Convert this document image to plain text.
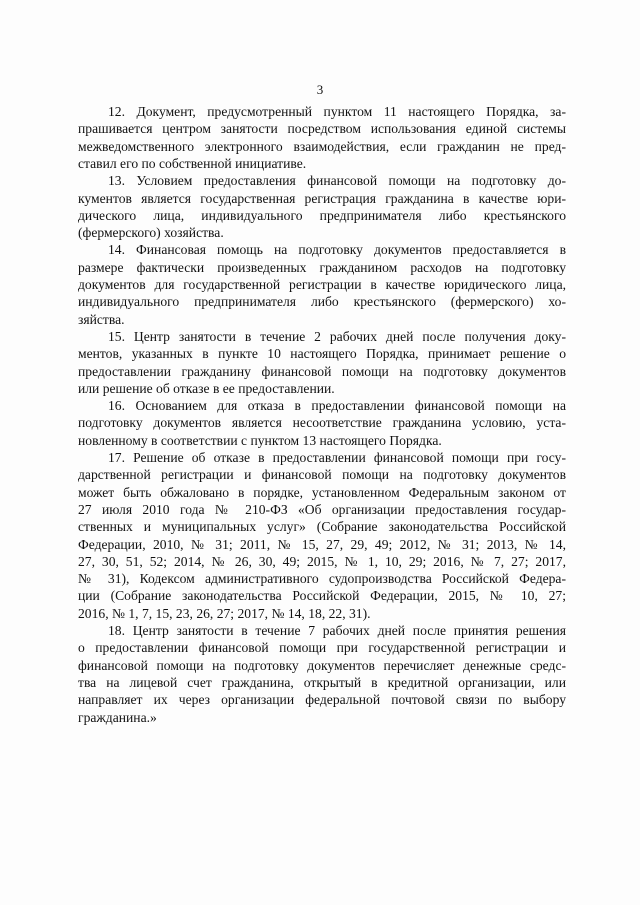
3
12. Документ, предусмотренный пунктом 11 настоящего Порядка, за-
прашивается центром занятости посредством использования единой системы
межведомственного электронного взаимодействия, если гражданин не пред-
ставил его по собственной инициативе.
13. Условием предоставления финансовой помощи на подготовку до-
кументов является государственная регистрация гражданина в качестве юри-
дического лица, индивидуального предпринимателя либо крестьянского
(фермерского) хозяйства.
14. Финансовая помощь на подготовку документов предоставляется в
размере фактически произведенных гражданином расходов на подготовку
документов для государственной регистрации в качестве юридического лица,
индивидуального предпринимателя либо крестьянского (фермерского) хо-
зяйства.
15. Центр занятости в течение 2 рабочих дней после получения доку-
ментов, указанных в пункте 10 настоящего Порядка, принимает решение о
предоставлении гражданину финансовой помощи на подготовку документов
или решение об отказе в ее предоставлении.
16. Основанием для отказа в предоставлении финансовой помощи на
подготовку документов является несоответствие гражданина условию, уста-
новленному в соответствии с пунктом 13 настоящего Порядка.
17. Решение об отказе в предоставлении финансовой помощи при госу-
дарственной регистрации и финансовой помощи на подготовку документов
может быть обжаловано в порядке, установленном Федеральным законом от
27 июля 2010 года № 210-ФЗ «Об организации предоставления государ-
ственных и муниципальных услуг» (Собрание законодательства Российской
Федерации, 2010, № 31; 2011, № 15, 27, 29, 49; 2012, № 31; 2013, № 14,
27, 30, 51, 52; 2014, № 26, 30, 49; 2015, № 1, 10, 29; 2016, № 7, 27; 2017,
№ 31), Кодексом административного судопроизводства Российской Федера-
ции (Собрание законодательства Российской Федерации, 2015, № 10, 27;
2016, № 1, 7, 15, 23, 26, 27; 2017, № 14, 18, 22, 31).
18. Центр занятости в течение 7 рабочих дней после принятия решения
о предоставлении финансовой помощи при государственной регистрации и
финансовой помощи на подготовку документов перечисляет денежные средс-
тва на лицевой счет гражданина, открытый в кредитной организации, или
направляет их через организации федеральной почтовой связи по выбору
гражданина.»
